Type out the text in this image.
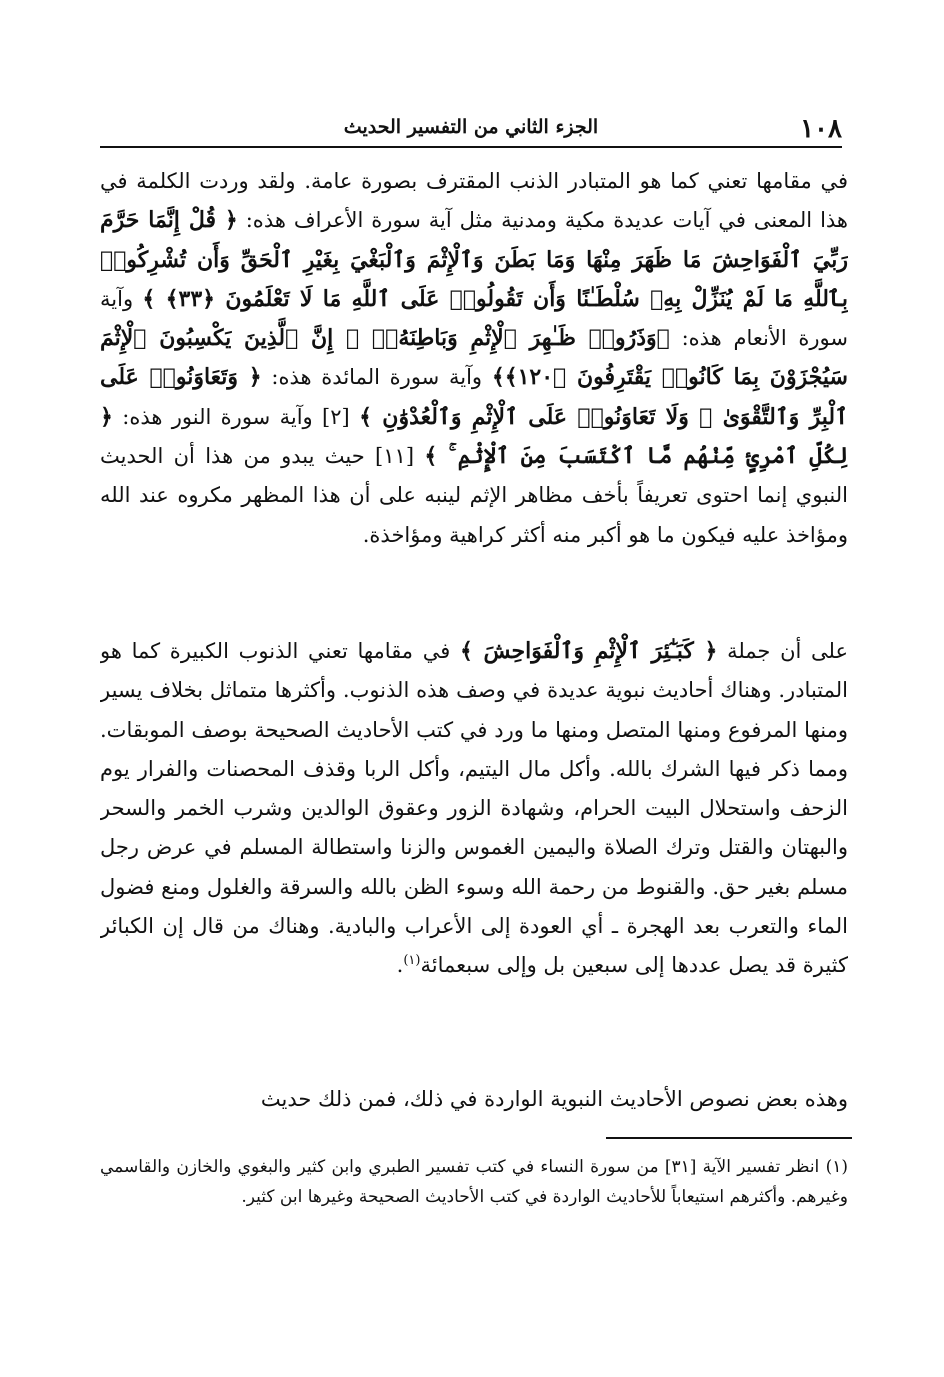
١٠٨
الجزء الثاني من التفسير الحديث
في مقامها تعني كما هو المتبادر الذنب المقترف بصورة عامة. ولقد وردت الكلمة في هذا المعنى في آيات عديدة مكية ومدنية مثل آية سورة الأعراف هذه: ﴿ قُلْ إِنَّمَا حَرَّمَ رَبِّيَ ٱلْفَوَاحِشَ مَا ظَهَرَ مِنْهَا وَمَا بَطَنَ وَٱلْإِثْمَ وَٱلْبَغْيَ بِغَيْرِ ٱلْحَقِّ وَأَن تُشْرِكُوا۟ بِٱللَّهِ مَا لَمْ يُنَزِّلْ بِهِۦ سُلْطَـٰنًا وَأَن تَقُولُوا۟ عَلَى ٱللَّهِ مَا لَا تَعْلَمُونَ ﴿٣٣﴾ ﴾ وآية سورة الأنعام هذه: ﴿وَذَرُوا۟ ظَـٰهِرَ ٱلْإِثْمِ وَبَاطِنَهُۥٓ ۚ إِنَّ ٱلَّذِينَ يَكْسِبُونَ ٱلْإِثْمَ سَيُجْزَوْنَ بِمَا كَانُوا۟ يَقْتَرِفُونَ ﴿١٢٠﴾﴾ وآية سورة المائدة هذه: ﴿ وَتَعَاوَنُوا۟ عَلَى ٱلْبِرِّ وَٱلتَّقْوَىٰ ۖ وَلَا تَعَاوَنُوا۟ عَلَى ٱلْإِثْمِ وَٱلْعُدْوَٰنِ ﴾ [٢] وآية سورة النور هذه: ﴿ لِكُلِّ ٱمْرِئٍ مِّنْهُم مَّا ٱكْتَسَبَ مِنَ ٱلْإِثْمِ ۚ ﴾ [١١] حيث يبدو من هذا أن الحديث النبوي إنما احتوى تعريفاً بأخف مظاهر الإثم لينبه على أن هذا المظهر مكروه عند الله ومؤاخذ عليه فيكون ما هو أكبر منه أكثر كراهية ومؤاخذة.
على أن جملة ﴿ كَبَـٰٓئِرَ ٱلْإِثْمِ وَٱلْفَوَاحِشَ ﴾ في مقامها تعني الذنوب الكبيرة كما هو المتبادر. وهناك أحاديث نبوية عديدة في وصف هذه الذنوب. وأكثرها متماثل بخلاف يسير ومنها المرفوع ومنها المتصل ومنها ما ورد في كتب الأحاديث الصحيحة بوصف الموبقات. ومما ذكر فيها الشرك بالله. وأكل مال اليتيم، وأكل الربا وقذف المحصنات والفرار يوم الزحف واستحلال البيت الحرام، وشهادة الزور وعقوق الوالدين وشرب الخمر والسحر والبهتان والقتل وترك الصلاة واليمين الغموس والزنا واستطالة المسلم في عرض رجل مسلم بغير حق. والقنوط من رحمة الله وسوء الظن بالله والسرقة والغلول ومنع فضول الماء والتعرب بعد الهجرة ـ أي العودة إلى الأعراب والبادية. وهناك من قال إن الكبائر كثيرة قد يصل عددها إلى سبعين بل وإلى سبعمائة$^{(١)}$.
وهذه بعض نصوص الأحاديث النبوية الواردة في ذلك، فمن ذلك حديث
(١) انظر تفسير الآية [٣١] من سورة النساء في كتب تفسير الطبري وابن كثير والبغوي والخازن والقاسمي وغيرهم. وأكثرهم استيعاباً للأحاديث الواردة في كتب الأحاديث الصحيحة وغيرها ابن كثير.
